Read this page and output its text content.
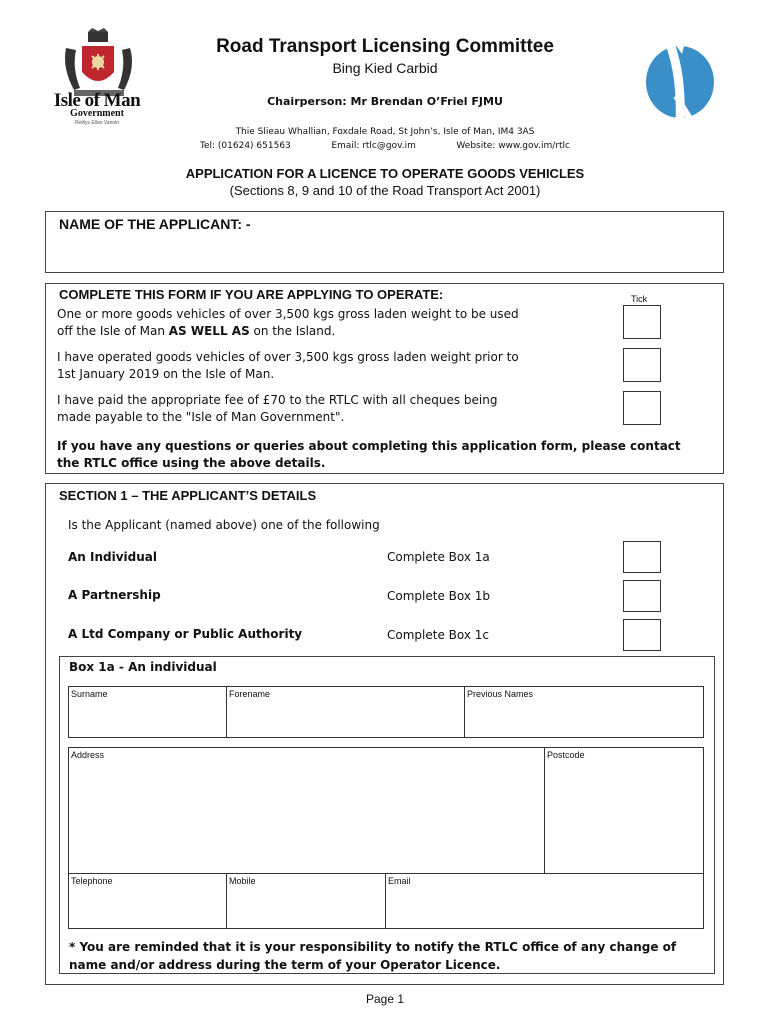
Isle of Man
Government
Reiltys Ellan Vannin
Road Transport Licensing Committee
Bing Kied Carbid
Chairperson: Mr Brendan O’Friel FJMU
Thie Slieau Whallian, Foxdale Road, St John’s, Isle of Man, IM4 3AS
Tel: (01624) 651563	Email: rtlc@gov.im	Website: www.gov.im/rtlc
APPLICATION FOR A LICENCE TO OPERATE GOODS VEHICLES
(Sections 8, 9 and 10 of the Road Transport Act 2001)
NAME OF THE APPLICANT: -
COMPLETE THIS FORM IF YOU ARE APPLYING TO OPERATE:	Tick
One or more goods vehicles of over 3,500 kgs gross laden weight to be used
off the Isle of Man AS WELL AS on the Island.
I have operated goods vehicles of over 3,500 kgs gross laden weight prior to
1st January 2019 on the Isle of Man.
I have paid the appropriate fee of £70 to the RTLC with all cheques being
made payable to the "Isle of Man Government".
If you have any questions or queries about completing this application form, please contact
the RTLC office using the above details.
SECTION 1 – THE APPLICANT’S DETAILS
Is the Applicant (named above) one of the following
An Individual	Complete Box 1a
A Partnership	Complete Box 1b
A Ltd Company or Public Authority	Complete Box 1c
Box 1a - An individual
Surname	Forename	Previous Names
Address	Postcode
Telephone	Mobile	Email
* You are reminded that it is your responsibility to notify the RTLC office of any change of
name and/or address during the term of your Operator Licence.
Page 1
